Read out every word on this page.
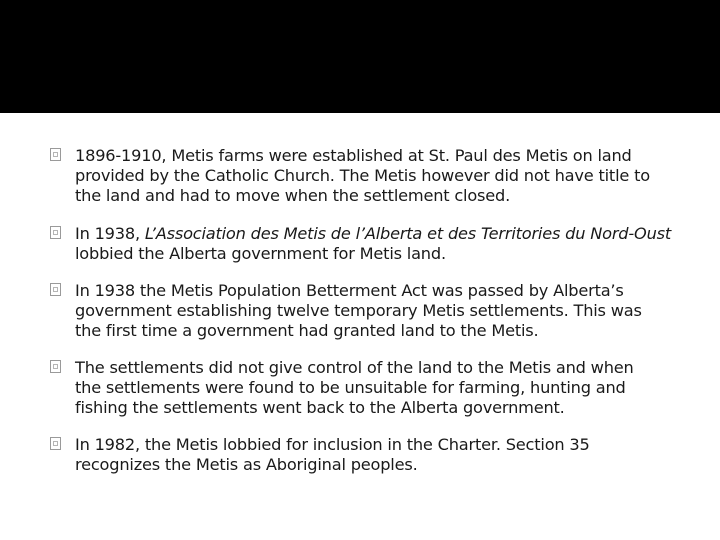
1896-1910, Metis farms were established at St. Paul des Metis on land
provided by the Catholic Church. The Metis however did not have title to
the land and had to move when the settlement closed.
In 1938, L’Association des Metis de l’Alberta et des Territories du Nord-Oust
lobbied the Alberta government for Metis land.
In 1938 the Metis Population Betterment Act was passed by Alberta’s
government establishing twelve temporary Metis settlements. This was
the first time a government had granted land to the Metis.
The settlements did not give control of the land to the Metis and when
the settlements were found to be unsuitable for farming, hunting and
fishing the settlements went back to the Alberta government.
In 1982, the Metis lobbied for inclusion in the Charter. Section 35
recognizes the Metis as Aboriginal peoples.
